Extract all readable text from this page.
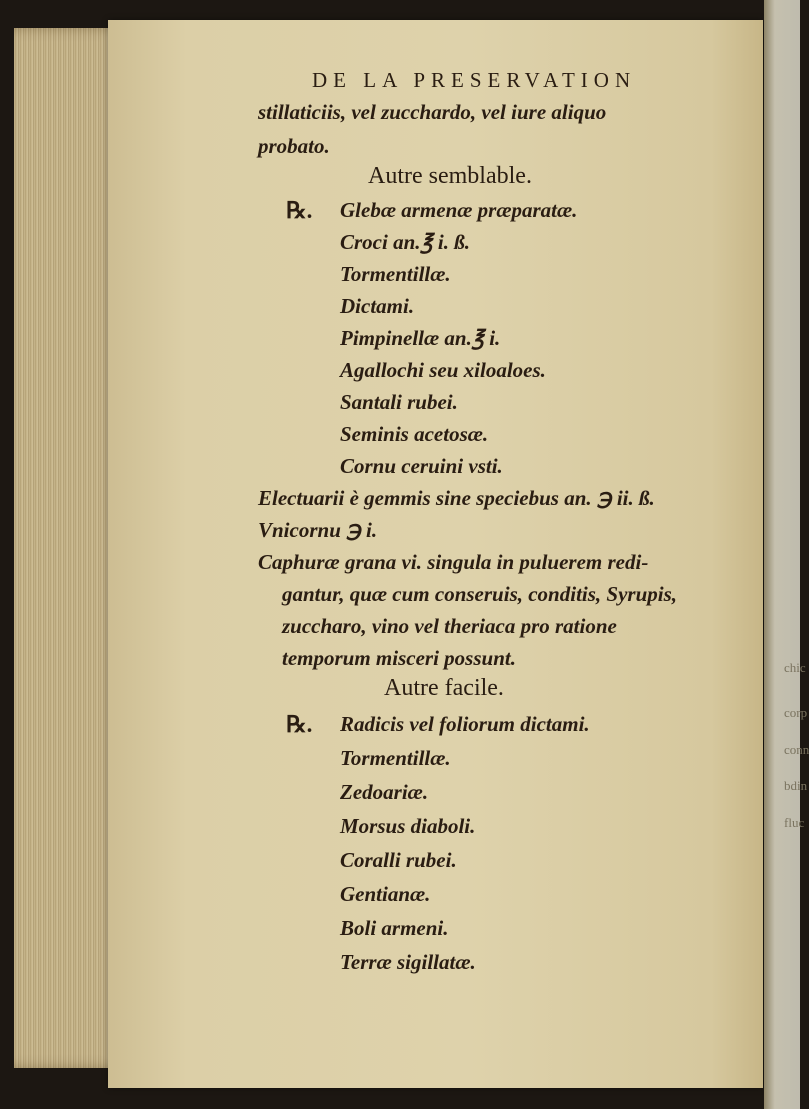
chic
corp
conn
bdin
fluc
DE LA PRESERVATION
stillaticiis, vel zucchardo, vel iure aliquo
probato.
Autre semblable.
℞. Glebæ armenæ præparatæ.
Croci an.℥ i. ß.
Tormentillæ.
Dictami.
Pimpinellæ an.℥ i.
Agallochi seu xiloaloes.
Santali rubei.
Seminis acetosæ.
Cornu ceruini vsti.
Electuarii è gemmis sine speciebus an. ℈ ii. ß.
Vnicornu ℈ i.
Caphuræ grana vi. singula in puluerem redi-
gantur, quæ cum conseruis, conditis, Syrupis,
zuccharo, vino vel theriaca pro ratione
temporum misceri possunt.
Autre facile.
℞. Radicis vel foliorum dictami.
Tormentillæ.
Zedoariæ.
Morsus diaboli.
Coralli rubei.
Gentianæ.
Boli armeni.
Terræ sigillatæ.
